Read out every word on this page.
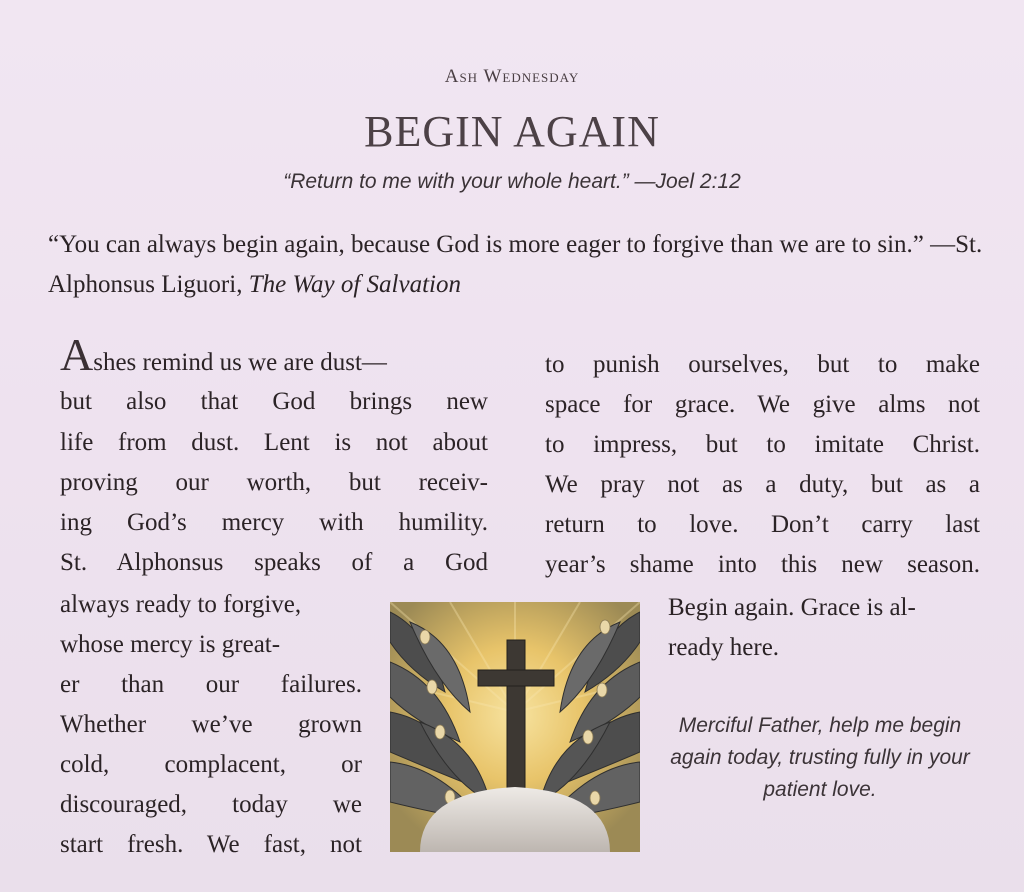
Ash Wednesday
BEGIN AGAIN
“Return to me with your whole heart.” —Joel 2:12
“You can always begin again, because God is more eager to forgive than we are to sin.” —St. Alphonsus Liguori, The Way of Salvation
Ashes remind us we are dust—
but also that God brings new
life from dust. Lent is not about
proving our worth, but receiv-
ing God’s mercy with humility.
St. Alphonsus speaks of a God
always ready to forgive,
whose mercy is great-
er than our failures.
Whether we’ve grown
cold, complacent, or
discouraged, today we
start fresh. We fast, not
to punish ourselves, but to make
space for grace. We give alms not
to impress, but to imitate Christ.
We pray not as a duty, but as a
return to love. Don’t carry last
year’s shame into this new season.
Begin again. Grace is al-
ready here.
Merciful Father, help me begin again today, trusting fully in your patient love.
